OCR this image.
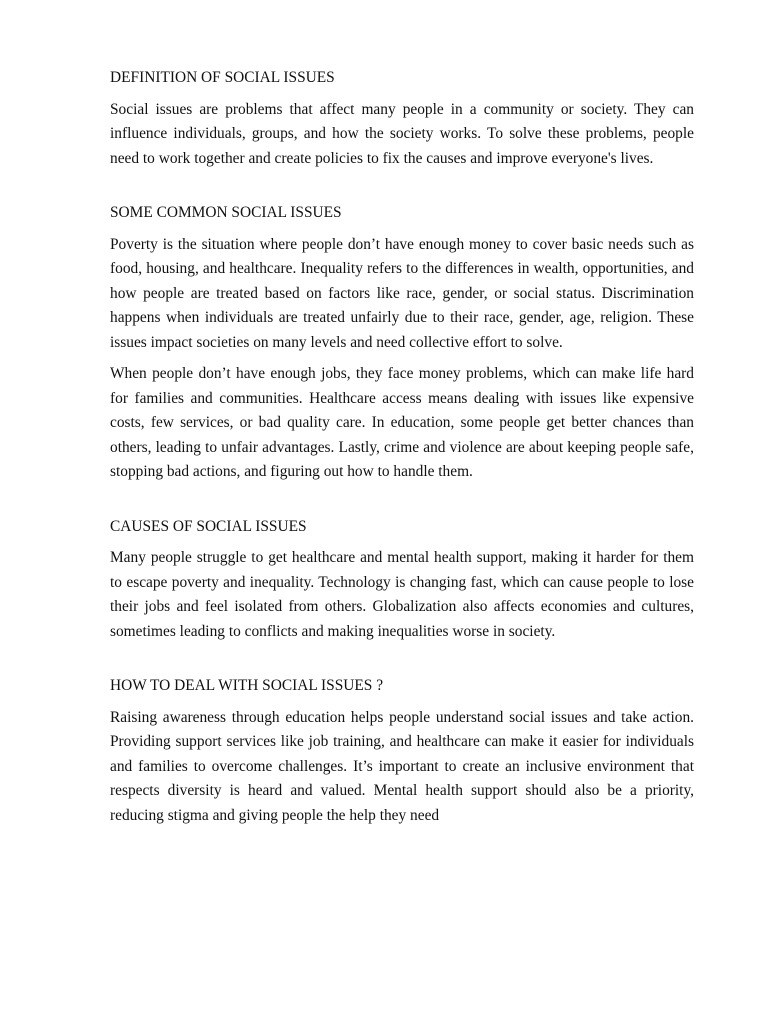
DEFINITION OF SOCIAL ISSUES

Social issues are problems that affect many people in a community or society. They can influence individuals, groups, and how the society works. To solve these problems, people need to work together and create policies to fix the causes and improve everyone's lives.

SOME COMMON SOCIAL ISSUES

Poverty is the situation where people don’t have enough money to cover basic needs such as food, housing, and healthcare. Inequality refers to the differences in wealth, opportunities, and how people are treated based on factors like race, gender, or social status. Discrimination happens when individuals are treated unfairly due to their race, gender, age, religion. These issues impact societies on many levels and need collective effort to solve.

When people don’t have enough jobs, they face money problems, which can make life hard for families and communities. Healthcare access means dealing with issues like expensive costs, few services, or bad quality care. In education, some people get better chances than others, leading to unfair advantages. Lastly, crime and violence are about keeping people safe, stopping bad actions, and figuring out how to handle them.

CAUSES OF SOCIAL ISSUES

Many people struggle to get healthcare and mental health support, making it harder for them to escape poverty and inequality. Technology is changing fast, which can cause people to lose their jobs and feel isolated from others. Globalization also affects economies and cultures, sometimes leading to conflicts and making inequalities worse in society.

HOW TO DEAL WITH SOCIAL ISSUES ?

Raising awareness through education helps people understand social issues and take action. Providing support services like job training, and healthcare can make it easier for individuals and families to overcome challenges. It’s important to create an inclusive environment that respects diversity is heard and valued. Mental health support should also be a priority, reducing stigma and giving people the help they need
